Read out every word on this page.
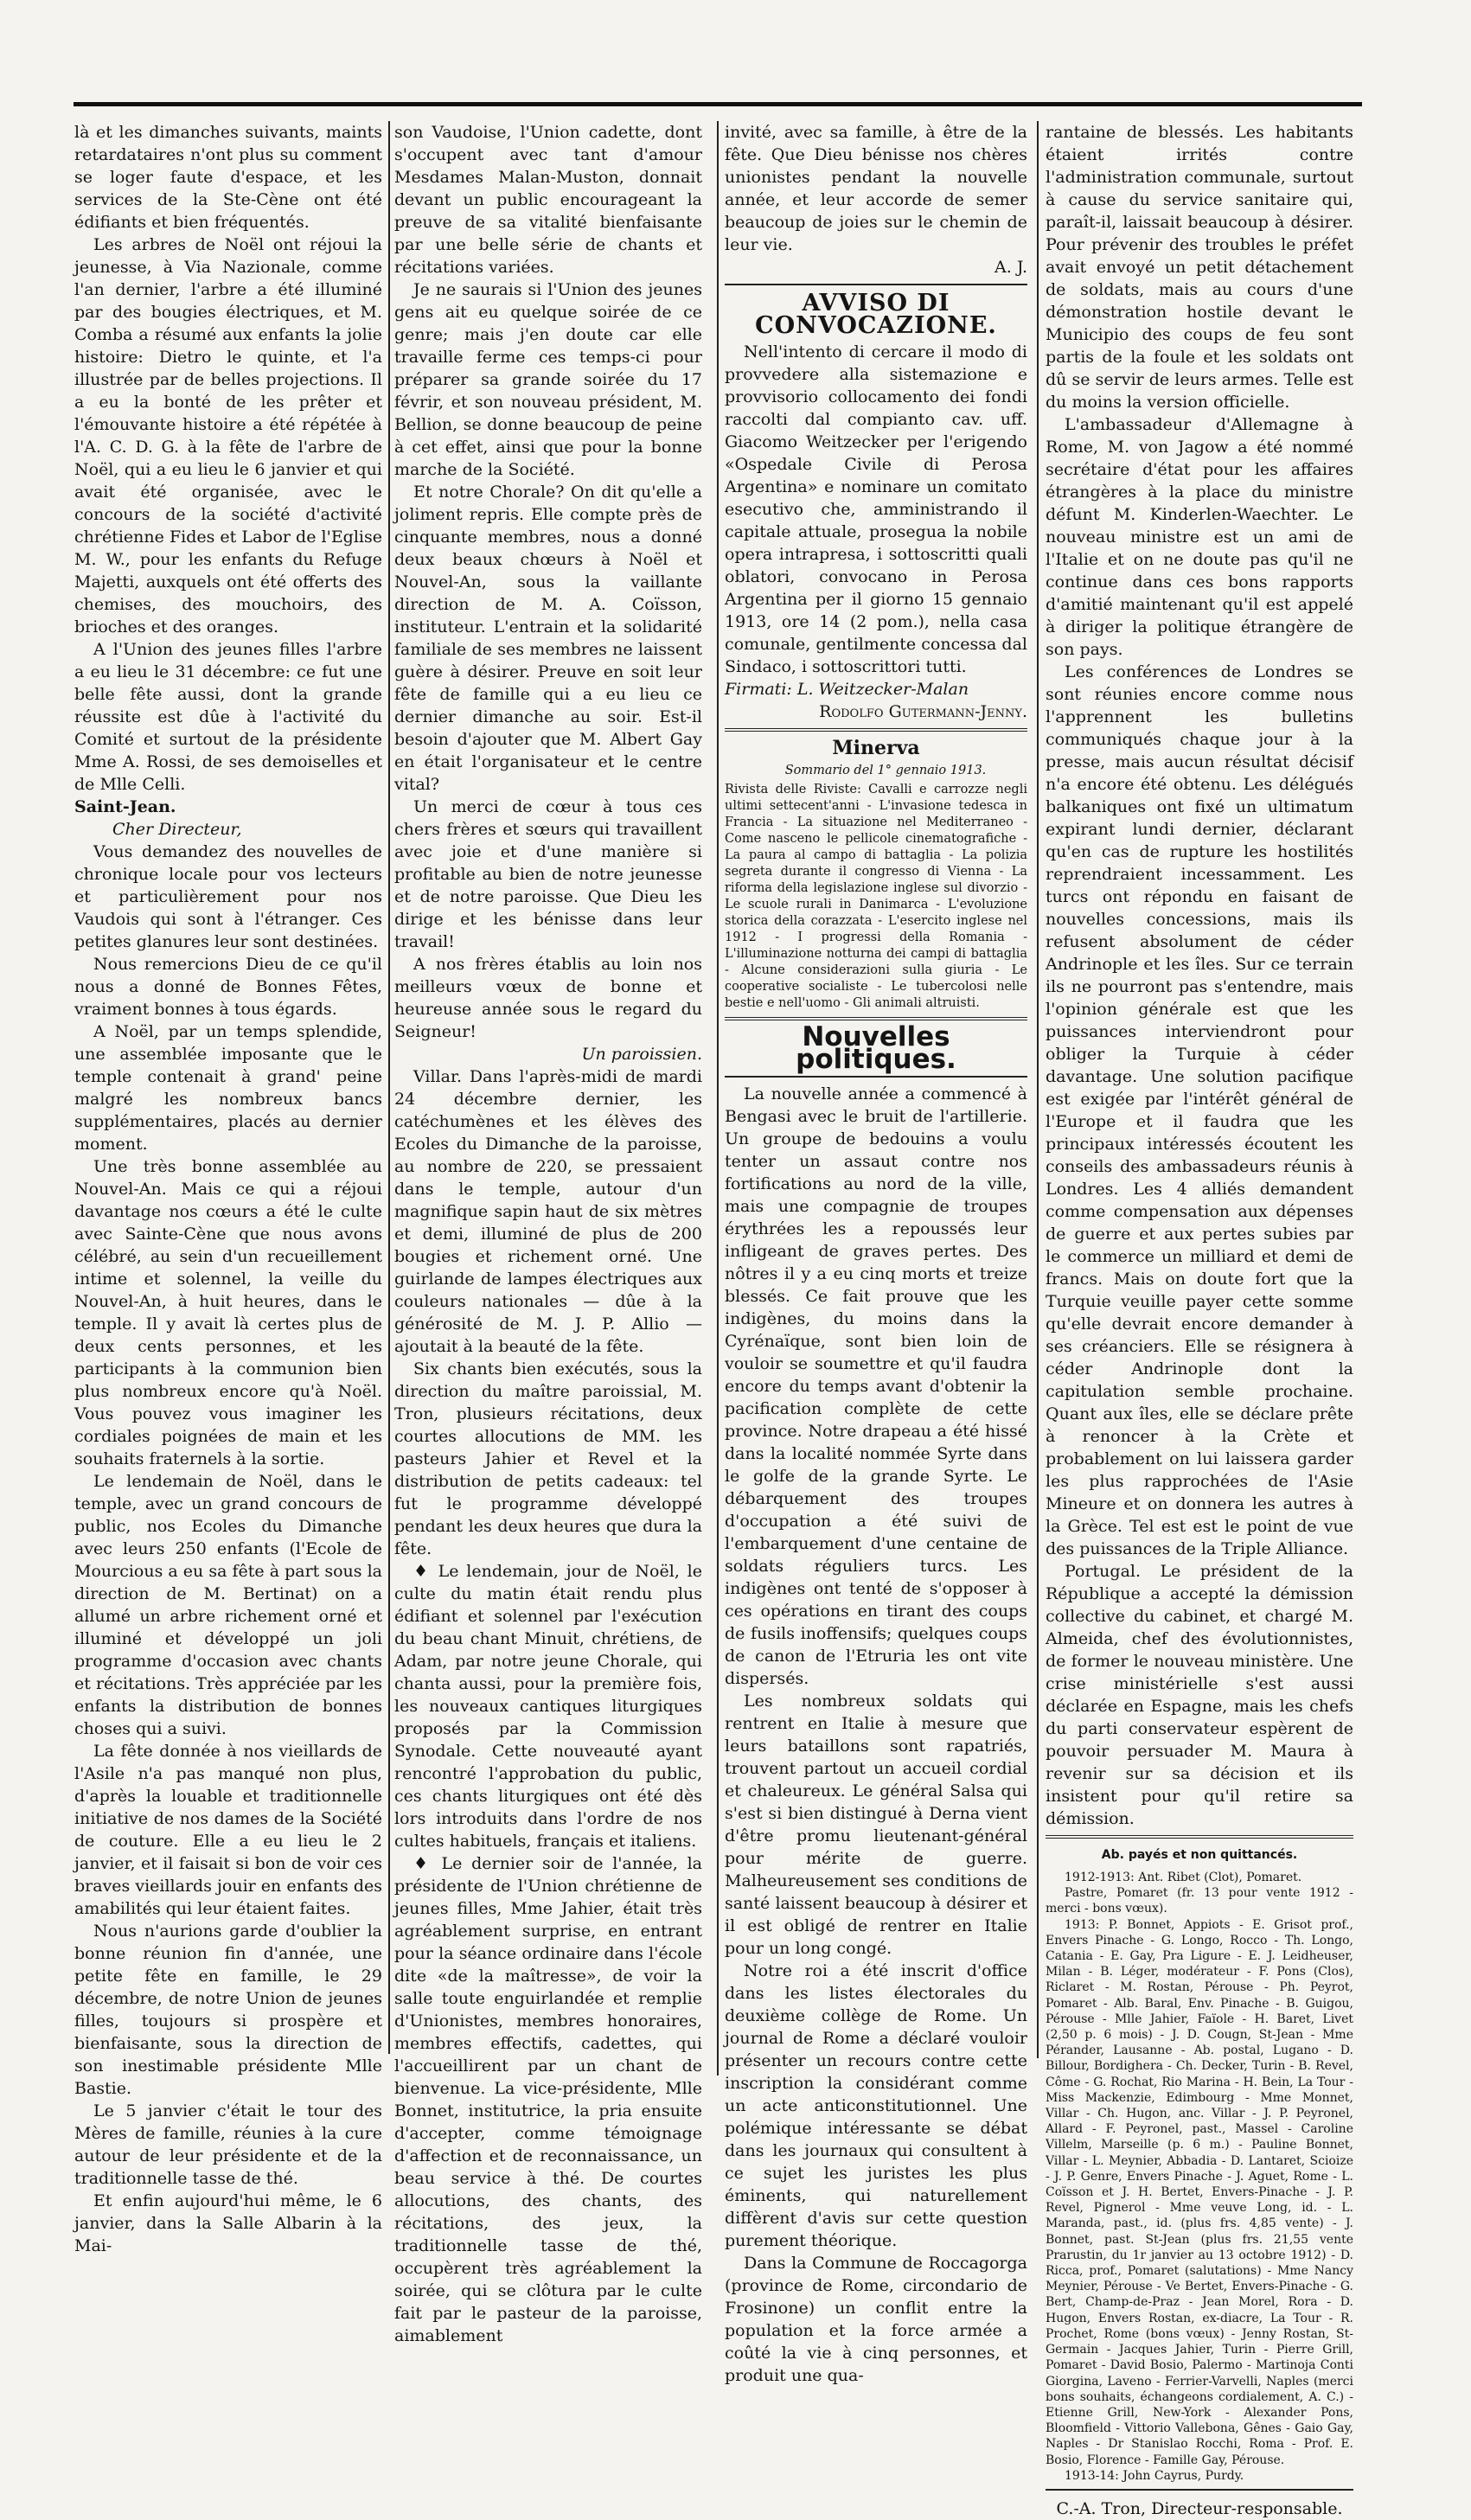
là et les dimanches suivants, maints retardataires n'ont plus su comment se loger faute d'espace, et les services de la Ste-Cène ont été édifiants et bien fréquentés.

Les arbres de Noël ont réjoui la jeunesse, à Via Nazionale, comme l'an dernier, l'arbre a été illuminé par des bougies électriques, et M. Comba a résumé aux enfants la jolie histoire: Dietro le quinte, et l'a illustrée par de belles projections. Il a eu la bonté de les prêter et l'émouvante histoire a été répétée à l'A. C. D. G. à la fête de l'arbre de Noël, qui a eu lieu le 6 janvier et qui avait été organisée, avec le concours de la société d'activité chrétienne Fides et Labor de l'Eglise M. W., pour les enfants du Refuge Majetti, auxquels ont été offerts des chemises, des mouchoirs, des brioches et des oranges.

A l'Union des jeunes filles l'arbre a eu lieu le 31 décembre: ce fut une belle fête aussi, dont la grande réussite est dûe à l'activité du Comité et surtout de la présidente Mme A. Rossi, de ses demoiselles et de Mlle Celli.

Saint-Jean.

Cher Directeur,

Vous demandez des nouvelles de chronique locale pour vos lecteurs et particulièrement pour nos Vaudois qui sont à l'étranger. Ces petites glanures leur sont destinées.

Nous remercions Dieu de ce qu'il nous a donné de Bonnes Fêtes, vraiment bonnes à tous égards.

A Noël, par un temps splendide, une assemblée imposante que le temple contenait à grand' peine malgré les nombreux bancs supplémentaires, placés au dernier moment.

Une très bonne assemblée au Nouvel-An. Mais ce qui a réjoui davantage nos cœurs a été le culte avec Sainte-Cène que nous avons célébré, au sein d'un recueillement intime et solennel, la veille du Nouvel-An, à huit heures, dans le temple. Il y avait là certes plus de deux cents personnes, et les participants à la communion bien plus nombreux encore qu'à Noël. Vous pouvez vous imaginer les cordiales poignées de main et les souhaits fraternels à la sortie.

Le lendemain de Noël, dans le temple, avec un grand concours de public, nos Ecoles du Dimanche avec leurs 250 enfants (l'Ecole de Mourcious a eu sa fête à part sous la direction de M. Bertinat) on a allumé un arbre richement orné et illuminé et développé un joli programme d'occasion avec chants et récitations. Très appréciée par les enfants la distribution de bonnes choses qui a suivi.

La fête donnée à nos vieillards de l'Asile n'a pas manqué non plus, d'après la louable et traditionnelle initiative de nos dames de la Société de couture. Elle a eu lieu le 2 janvier, et il faisait si bon de voir ces braves vieillards jouir en enfants des amabilités qui leur étaient faites.

Nous n'aurions garde d'oublier la bonne réunion fin d'année, une petite fête en famille, le 29 décembre, de notre Union de jeunes filles, toujours si prospère et bienfaisante, sous la direction de son inestimable présidente Mlle Bastie.

Le 5 janvier c'était le tour des Mères de famille, réunies à la cure autour de leur présidente et de la traditionnelle tasse de thé.

Et enfin aujourd'hui même, le 6 janvier, dans la Salle Albarin à la Mai-

son Vaudoise, l'Union cadette, dont s'occupent avec tant d'amour Mesdames Malan-Muston, donnait devant un public encourageant la preuve de sa vitalité bienfaisante par une belle série de chants et récitations variées.

Je ne saurais si l'Union des jeunes gens ait eu quelque soirée de ce genre; mais j'en doute car elle travaille ferme ces temps-ci pour préparer sa grande soirée du 17 févrir, et son nouveau président, M. Bellion, se donne beaucoup de peine à cet effet, ainsi que pour la bonne marche de la Société.

Et notre Chorale? On dit qu'elle a joliment repris. Elle compte près de cinquante membres, nous a donné deux beaux chœurs à Noël et Nouvel-An, sous la vaillante direction de M. A. Coïsson, instituteur. L'entrain et la solidarité familiale de ses membres ne laissent guère à désirer. Preuve en soit leur fête de famille qui a eu lieu ce dernier dimanche au soir. Est-il besoin d'ajouter que M. Albert Gay en était l'organisateur et le centre vital?

Un merci de cœur à tous ces chers frères et sœurs qui travaillent avec joie et d'une manière si profitable au bien de notre jeunesse et de notre paroisse. Que Dieu les dirige et les bénisse dans leur travail!

A nos frères établis au loin nos meilleurs vœux de bonne et heureuse année sous le regard du Seigneur!

Un paroissien.

Villar. Dans l'après-midi de mardi 24 décembre dernier, les catéchumènes et les élèves des Ecoles du Dimanche de la paroisse, au nombre de 220, se pressaient dans le temple, autour d'un magnifique sapin haut de six mètres et demi, illuminé de plus de 200 bougies et richement orné. Une guirlande de lampes électriques aux couleurs nationales — dûe à la générosité de M. J. P. Allio — ajoutait à la beauté de la fête.

Six chants bien exécutés, sous la direction du maître paroissial, M. Tron, plusieurs récitations, deux courtes allocutions de MM. les pasteurs Jahier et Revel et la distribution de petits cadeaux: tel fut le programme développé pendant les deux heures que dura la fête.

♦ Le lendemain, jour de Noël, le culte du matin était rendu plus édifiant et solennel par l'exécution du beau chant Minuit, chrétiens, de Adam, par notre jeune Chorale, qui chanta aussi, pour la première fois, les nouveaux cantiques liturgiques proposés par la Commission Synodale. Cette nouveauté ayant rencontré l'approbation du public, ces chants liturgiques ont été dès lors introduits dans l'ordre de nos cultes habituels, français et italiens.

♦ Le dernier soir de l'année, la présidente de l'Union chrétienne de jeunes filles, Mme Jahier, était très agréablement surprise, en entrant pour la séance ordinaire dans l'école dite «de la maîtresse», de voir la salle toute enguirlandée et remplie d'Unionistes, membres honoraires, membres effectifs, cadettes, qui l'accueillirent par un chant de bienvenue. La vice-présidente, Mlle Bonnet, institutrice, la pria ensuite d'accepter, comme témoignage d'affection et de reconnaissance, un beau service à thé. De courtes allocutions, des chants, des récitations, des jeux, la traditionnelle tasse de thé, occupèrent très agréablement la soirée, qui se clôtura par le culte fait par le pasteur de la paroisse, aimablement

invité, avec sa famille, à être de la fête. Que Dieu bénisse nos chères unionistes pendant la nouvelle année, et leur accorde de semer beaucoup de joies sur le chemin de leur vie.

A. J.

AVVISO DI CONVOCAZIONE.

Nell'intento di cercare il modo di provvedere alla sistemazione e provvisorio collocamento dei fondi raccolti dal compianto cav. uff. Giacomo Weitzecker per l'erigendo «Ospedale Civile di Perosa Argentina» e nominare un comitato esecutivo che, amministrando il capitale attuale, prosegua la nobile opera intrapresa, i sottoscritti quali oblatori, convocano in Perosa Argentina per il giorno 15 gennaio 1913, ore 14 (2 pom.), nella casa comunale, gentilmente concessa dal Sindaco, i sottoscrittori tutti.

Firmati: L. Weitzecker-Malan

Rodolfo Gutermann-Jenny.

Minerva

Sommario del 1° gennaio 1913.

Rivista delle Riviste: Cavalli e carrozze negli ultimi settecent'anni - L'invasione tedesca in Francia - La situazione nel Mediterraneo - Come nasceno le pellicole cinematografiche - La paura al campo di battaglia - La polizia segreta durante il congresso di Vienna - La riforma della legislazione inglese sul divorzio - Le scuole rurali in Danimarca - L'evoluzione storica della corazzata - L'esercito inglese nel 1912 - I progressi della Romania - L'illuminazione notturna dei campi di battaglia - Alcune considerazioni sulla giuria - Le cooperative socialiste - Le tubercolosi nelle bestie e nell'uomo - Gli animali altruisti.

Nouvelles politiques.

La nouvelle année a commencé à Bengasi avec le bruit de l'artillerie. Un groupe de bedouins a voulu tenter un assaut contre nos fortifications au nord de la ville, mais une compagnie de troupes érythrées les a repoussés leur infligeant de graves pertes. Des nôtres il y a eu cinq morts et treize blessés. Ce fait prouve que les indigènes, du moins dans la Cyrénaïque, sont bien loin de vouloir se soumettre et qu'il faudra encore du temps avant d'obtenir la pacification complète de cette province. Notre drapeau a été hissé dans la localité nommée Syrte dans le golfe de la grande Syrte. Le débarquement des troupes d'occupation a été suivi de l'embarquement d'une centaine de soldats réguliers turcs. Les indigènes ont tenté de s'opposer à ces opérations en tirant des coups de fusils inoffensifs; quelques coups de canon de l'Etruria les ont vite dispersés.

Les nombreux soldats qui rentrent en Italie à mesure que leurs bataillons sont rapatriés, trouvent partout un accueil cordial et chaleureux. Le général Salsa qui s'est si bien distingué à Derna vient d'être promu lieutenant-général pour mérite de guerre. Malheureusement ses conditions de santé laissent beaucoup à désirer et il est obligé de rentrer en Italie pour un long congé.

Notre roi a été inscrit d'office dans les listes électorales du deuxième collège de Rome. Un journal de Rome a déclaré vouloir présenter un recours contre cette inscription la considérant comme un acte anticonstitutionnel. Une polémique intéressante se débat dans les journaux qui consultent à ce sujet les juristes les plus éminents, qui naturellement diffèrent d'avis sur cette question purement théorique.

Dans la Commune de Roccagorga (province de Rome, circondario de Frosinone) un conflit entre la population et la force armée a coûté la vie à cinq personnes, et produit une qua-

rantaine de blessés. Les habitants étaient irrités contre l'administration communale, surtout à cause du service sanitaire qui, paraît-il, laissait beaucoup à désirer. Pour prévenir des troubles le préfet avait envoyé un petit détachement de soldats, mais au cours d'une démonstration hostile devant le Municipio des coups de feu sont partis de la foule et les soldats ont dû se servir de leurs armes. Telle est du moins la version officielle.

L'ambassadeur d'Allemagne à Rome, M. von Jagow a été nommé secrétaire d'état pour les affaires étrangères à la place du ministre défunt M. Kinderlen-Waechter. Le nouveau ministre est un ami de l'Italie et on ne doute pas qu'il ne continue dans ces bons rapports d'amitié maintenant qu'il est appelé à diriger la politique étrangère de son pays.

Les conférences de Londres se sont réunies encore comme nous l'apprennent les bulletins communiqués chaque jour à la presse, mais aucun résultat décisif n'a encore été obtenu. Les délégués balkaniques ont fixé un ultimatum expirant lundi dernier, déclarant qu'en cas de rupture les hostilités reprendraient incessamment. Les turcs ont répondu en faisant de nouvelles concessions, mais ils refusent absolument de céder Andrinople et les îles. Sur ce terrain ils ne pourront pas s'entendre, mais l'opinion générale est que les puissances interviendront pour obliger la Turquie à céder davantage. Une solution pacifique est exigée par l'intérêt général de l'Europe et il faudra que les principaux intéressés écoutent les conseils des ambassadeurs réunis à Londres. Les 4 alliés demandent comme compensation aux dépenses de guerre et aux pertes subies par le commerce un milliard et demi de francs. Mais on doute fort que la Turquie veuille payer cette somme qu'elle devrait encore demander à ses créanciers. Elle se résignera à céder Andrinople dont la capitulation semble prochaine. Quant aux îles, elle se déclare prête à renoncer à la Crète et probablement on lui laissera garder les plus rapprochées de l'Asie Mineure et on donnera les autres à la Grèce. Tel est est le point de vue des puissances de la Triple Alliance.

Portugal. Le président de la République a accepté la démission collective du cabinet, et chargé M. Almeida, chef des évolutionnistes, de former le nouveau ministère. Une crise ministérielle s'est aussi déclarée en Espagne, mais les chefs du parti conservateur espèrent de pouvoir persuader M. Maura à revenir sur sa décision et ils insistent pour qu'il retire sa démission.

Ab. payés et non quittancés.

1912-1913: Ant. Ribet (Clot), Pomaret.

Pastre, Pomaret (fr. 13 pour vente 1912 - merci - bons vœux).

1913: P. Bonnet, Appiots - E. Grisot prof., Envers Pinache - G. Longo, Rocco - Th. Longo, Catania - E. Gay, Pra Ligure - E. J. Leidheuser, Milan - B. Léger, modérateur - F. Pons (Clos), Riclaret - M. Rostan, Pérouse - Ph. Peyrot, Pomaret - Alb. Baral, Env. Pinache - B. Guigou, Pérouse - Mlle Jahier, Faïole - H. Baret, Livet (2,50 p. 6 mois) - J. D. Cougn, St-Jean - Mme Pérander, Lausanne - Ab. postal, Lugano - D. Billour, Bordighera - Ch. Decker, Turin - B. Revel, Côme - G. Rochat, Rio Marina - H. Bein, La Tour - Miss Mackenzie, Edimbourg - Mme Monnet, Villar - Ch. Hugon, anc. Villar - J. P. Peyronel, Allard - F. Peyronel, past., Massel - Caroline Villelm, Marseille (p. 6 m.) - Pauline Bonnet, Villar - L. Meynier, Abbadia - D. Lantaret, Scioize - J. P. Genre, Envers Pinache - J. Aguet, Rome - L. Coïsson et J. H. Bertet, Envers-Pinache - J. P. Revel, Pignerol - Mme veuve Long, id. - L. Maranda, past., id. (plus frs. 4,85 vente) - J. Bonnet, past. St-Jean (plus frs. 21,55 vente Prarustin, du 1r janvier au 13 octobre 1912) - D. Ricca, prof., Pomaret (salutations) - Mme Nancy Meynier, Pérouse - Ve Bertet, Envers-Pinache - G. Bert, Champ-de-Praz - Jean Morel, Rora - D. Hugon, Envers Rostan, ex-diacre, La Tour - R. Prochet, Rome (bons vœux) - Jenny Rostan, St-Germain - Jacques Jahier, Turin - Pierre Grill, Pomaret - David Bosio, Palermo - Martinoja Conti Giorgina, Laveno - Ferrier-Varvelli, Naples (merci bons souhaits, échangeons cordialement, A. C.) - Etienne Grill, New-York - Alexander Pons, Bloomfield - Vittorio Vallebona, Gênes - Gaio Gay, Naples - Dr Stanislao Rocchi, Roma - Prof. E. Bosio, Florence - Famille Gay, Pérouse.

1913-14: John Cayrus, Purdy.

C.-A. Tron, Directeur-responsable.
